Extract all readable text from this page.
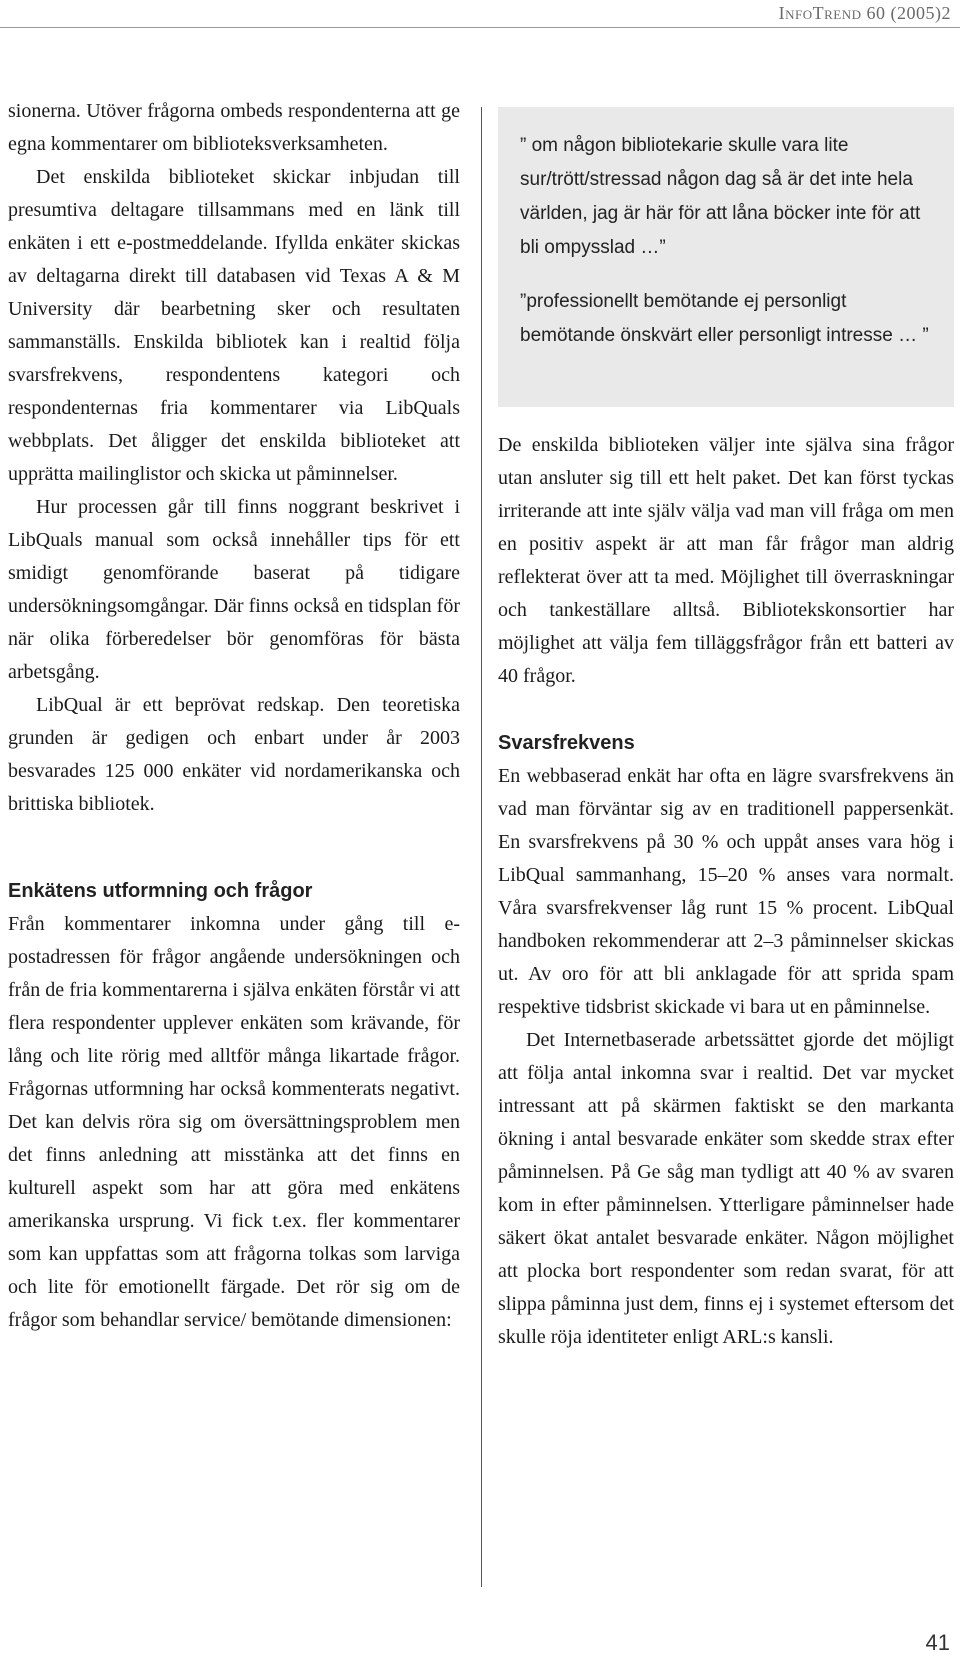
InfoTrend 60 (2005)2

sionerna. Utöver frågorna ombeds respondenterna att ge egna kommentarer om biblioteksverksamheten.

Det enskilda biblioteket skickar inbjudan till presumtiva deltagare tillsammans med en länk till enkäten i ett e-postmeddelande. Ifyllda enkäter skickas av deltagarna direkt till databasen vid Texas A & M University där bearbetning sker och resultaten sammanställs. Enskilda bibliotek kan i realtid följa svarsfrekvens, respondentens kategori och respondenternas fria kommentarer via LibQuals webbplats. Det åligger det enskilda biblioteket att upprätta mailinglistor och skicka ut påminnelser.

Hur processen går till finns noggrant beskrivet i LibQuals manual som också innehåller tips för ett smidigt genomförande baserat på tidigare undersökningsomgångar. Där finns också en tidsplan för när olika förberedelser bör genomföras för bästa arbetsgång.

LibQual är ett beprövat redskap. Den teoretiska grunden är gedigen och enbart under år 2003 besvarades 125 000 enkäter vid nordamerikanska och brittiska bibliotek.

Enkätens utformning och frågor

Från kommentarer inkomna under gång till e-postadressen för frågor angående undersökningen och från de fria kommentarerna i själva enkäten förstår vi att flera respondenter upplever enkäten som krävande, för lång och lite rörig med alltför många likartade frågor. Frågornas utformning har också kommenterats negativt. Det kan delvis röra sig om översättningsproblem men det finns anledning att misstänka att det finns en kulturell aspekt som har att göra med enkätens amerikanska ursprung. Vi fick t.ex. fler kommentarer som kan uppfattas som att frågorna tolkas som larviga och lite för emotionellt färgade. Det rör sig om de frågor som behandlar service/ bemötande dimensionen:

” om någon bibliotekarie skulle vara lite sur/trött/stressad någon dag så är det inte hela världen, jag är här för att låna böcker inte för att bli ompysslad …”

”professionellt bemötande ej personligt bemötande önskvärt eller personligt intresse … ”

De enskilda biblioteken väljer inte själva sina frågor utan ansluter sig till ett helt paket. Det kan först tyckas irriterande att inte själv välja vad man vill fråga om men en positiv aspekt är att man får frågor man aldrig reflekterat över att ta med. Möjlighet till överraskningar och tankeställare alltså. Bibliotekskonsortier har möjlighet att välja fem tilläggsfrågor från ett batteri av 40 frågor.

Svarsfrekvens

En webbaserad enkät har ofta en lägre svarsfrekvens än vad man förväntar sig av en traditionell pappersenkät. En svarsfrekvens på 30 % och uppåt anses vara hög i LibQual sammanhang, 15–20 % anses vara normalt. Våra svarsfrekvenser låg runt 15 % procent. LibQual handboken rekommenderar att 2–3 påminnelser skickas ut. Av oro för att bli anklagade för att sprida spam respektive tidsbrist skickade vi bara ut en påminnelse.

Det Internetbaserade arbetssättet gjorde det möjligt att följa antal inkomna svar i realtid. Det var mycket intressant att på skärmen faktiskt se den markanta ökning i antal besvarade enkäter som skedde strax efter påminnelsen. På Ge såg man tydligt att 40 % av svaren kom in efter påminnelsen. Ytterligare påminnelser hade säkert ökat antalet besvarade enkäter. Någon möjlighet att plocka bort respondenter som redan svarat, för att slippa påminna just dem, finns ej i systemet eftersom det skulle röja identiteter enligt ARL:s kansli.

41
